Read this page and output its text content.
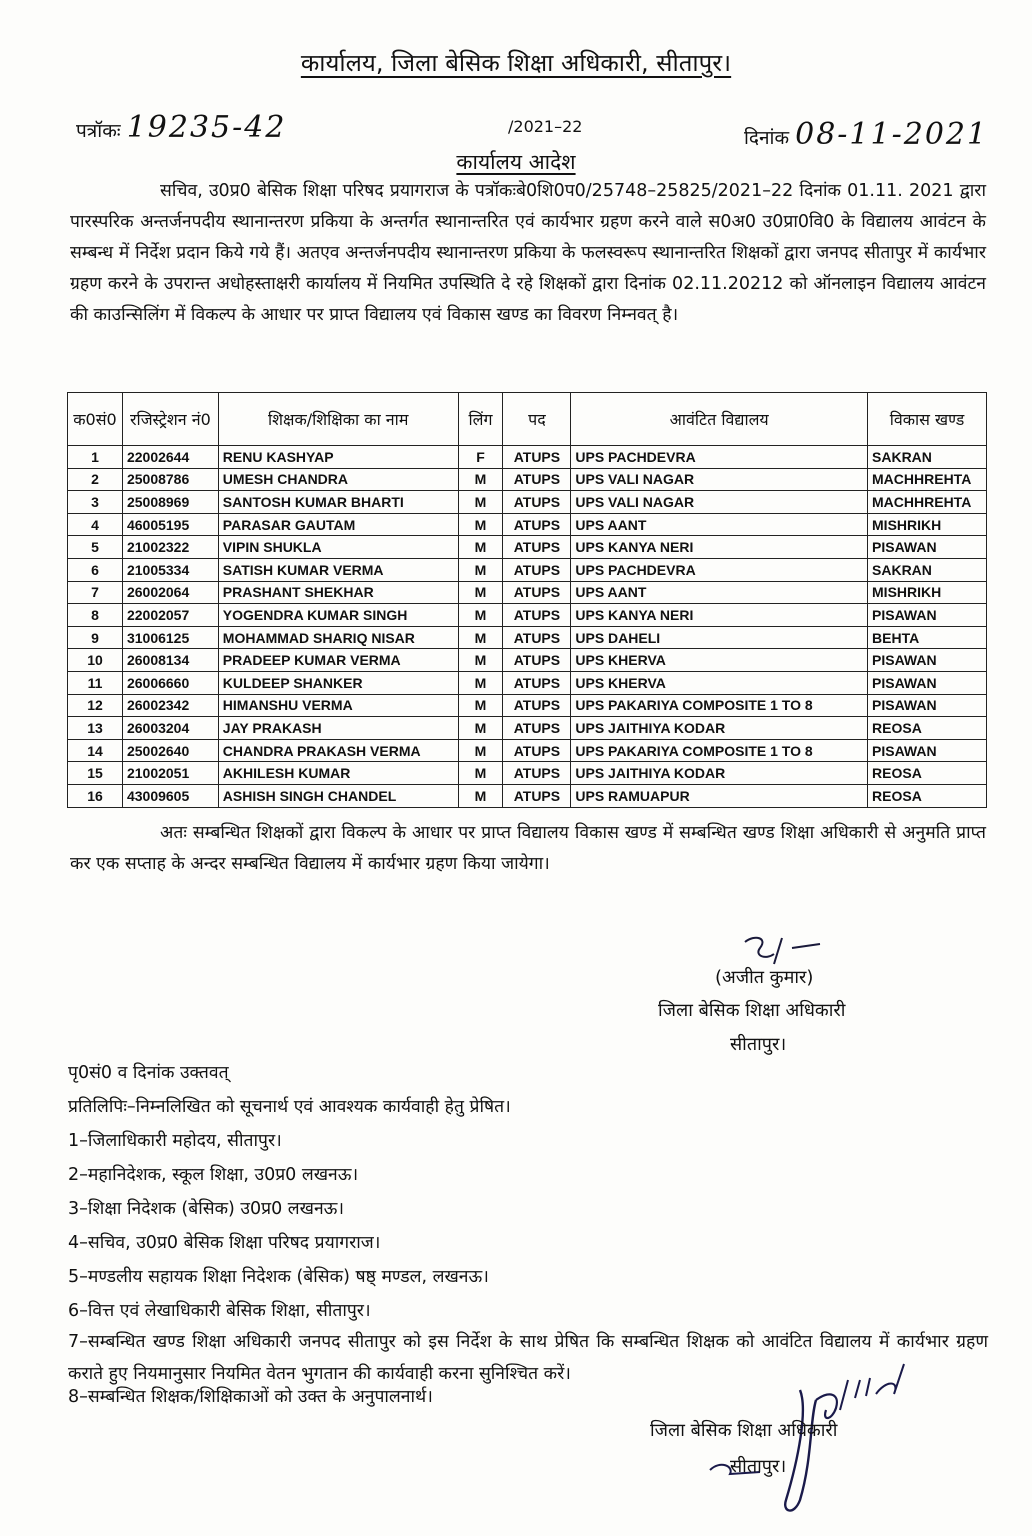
कार्यालय, जिला बेसिक शिक्षा अधिकारी, सीतापुर।
पत्रॉकः 19235-42	/2021–22
दिनांक 08-11-2021
कार्यालय आदेश
सचिव, उ0प्र0 बेसिक शिक्षा परिषद प्रयागराज के पत्रॉकःबे0शि0प0/25748–25825/2021–22 दिनांक 01.11. 2021 द्वारा पारस्परिक अन्तर्जनपदीय स्थानान्तरण प्रकिया के अन्तर्गत स्थानान्तरित एवं कार्यभार ग्रहण करने वाले स0अ0 उ0प्रा0वि0 के विद्यालय आवंटन के सम्बन्ध में निर्देश प्रदान किये गये हैं। अतएव अन्तर्जनपदीय स्थानान्तरण प्रकिया के फलस्वरूप स्थानान्तरित शिक्षकों द्वारा जनपद सीतापुर में कार्यभार ग्रहण करने के उपरान्त अधोहस्ताक्षरी कार्यालय में नियमित उपस्थिति दे रहे शिक्षकों द्वारा दिनांक 02.11.20212 को ऑनलाइन विद्यालय आवंटन की काउन्सिलिंग में विकल्प के आधार पर प्राप्त विद्यालय एवं विकास खण्ड का विवरण निम्नवत् है।
क0सं0	रजिस्ट्रेशन नं0	शिक्षक/शिक्षिका का नाम	लिंग	पद	आवंटित विद्यालय	विकास खण्ड
1	22002644	RENU KASHYAP	F	ATUPS	UPS PACHDEVRA	SAKRAN
2	25008786	UMESH CHANDRA	M	ATUPS	UPS VALI NAGAR	MACHHREHTA
3	25008969	SANTOSH KUMAR BHARTI	M	ATUPS	UPS VALI NAGAR	MACHHREHTA
4	46005195	PARASAR GAUTAM	M	ATUPS	UPS AANT	MISHRIKH
5	21002322	VIPIN SHUKLA	M	ATUPS	UPS KANYA NERI	PISAWAN
6	21005334	SATISH KUMAR VERMA	M	ATUPS	UPS PACHDEVRA	SAKRAN
7	26002064	PRASHANT SHEKHAR	M	ATUPS	UPS AANT	MISHRIKH
8	22002057	YOGENDRA KUMAR SINGH	M	ATUPS	UPS KANYA NERI	PISAWAN
9	31006125	MOHAMMAD SHARIQ NISAR	M	ATUPS	UPS DAHELI	BEHTA
10	26008134	PRADEEP KUMAR VERMA	M	ATUPS	UPS KHERVA	PISAWAN
11	26006660	KULDEEP SHANKER	M	ATUPS	UPS KHERVA	PISAWAN
12	26002342	HIMANSHU VERMA	M	ATUPS	UPS PAKARIYA COMPOSITE 1 TO 8	PISAWAN
13	26003204	JAY PRAKASH	M	ATUPS	UPS JAITHIYA KODAR	REOSA
14	25002640	CHANDRA PRAKASH VERMA	M	ATUPS	UPS PAKARIYA COMPOSITE 1 TO 8	PISAWAN
15	21002051	AKHILESH KUMAR	M	ATUPS	UPS JAITHIYA KODAR	REOSA
16	43009605	ASHISH SINGH CHANDEL	M	ATUPS	UPS RAMUAPUR	REOSA
अतः सम्बन्धित शिक्षकों द्वारा विकल्प के आधार पर प्राप्त विद्यालय विकास खण्ड में सम्बन्धित खण्ड शिक्षा अधिकारी से अनुमति प्राप्त कर एक सप्ताह के अन्दर सम्बन्धित विद्यालय में कार्यभार ग्रहण किया जायेगा।
(अजीत कुमार)
जिला बेसिक शिक्षा अधिकारी
सीतापुर।
पृ0सं0 व दिनांक उक्तवत्
प्रतिलिपिः–निम्नलिखित को सूचनार्थ एवं आवश्यक कार्यवाही हेतु प्रेषित।
1–जिलाधिकारी महोदय, सीतापुर।
2–महानिदेशक, स्कूल शिक्षा, उ0प्र0 लखनऊ।
3–शिक्षा निदेशक (बेसिक) उ0प्र0 लखनऊ।
4–सचिव, उ0प्र0 बेसिक शिक्षा परिषद प्रयागराज।
5–मण्डलीय सहायक शिक्षा निदेशक (बेसिक) षष्ठ् मण्डल, लखनऊ।
6–वित्त एवं लेखाधिकारी बेसिक शिक्षा, सीतापुर।
7–सम्बन्धित खण्ड शिक्षा अधिकारी जनपद सीतापुर को इस निर्देश के साथ प्रेषित कि सम्बन्धित शिक्षक को आवंटित विद्यालय में कार्यभार ग्रहण कराते हुए नियमानुसार नियमित वेतन भुगतान की कार्यवाही करना सुनिश्चित करें।
8–सम्बन्धित शिक्षक/शिक्षिकाओं को उक्त के अनुपालनार्थ।
जिला बेसिक शिक्षा अधिकारी
सीतापुर।
